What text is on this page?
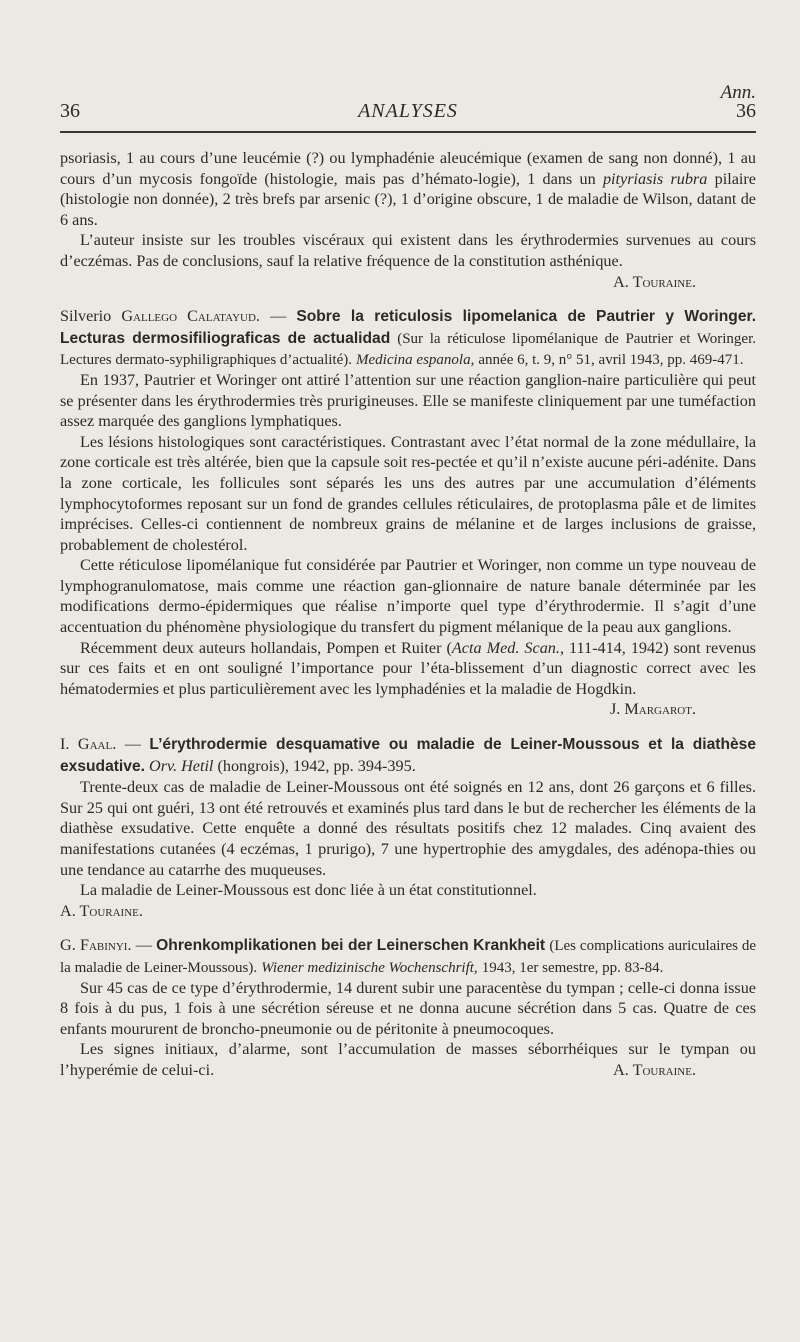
Ann.
36	ANALYSES	36

psoriasis, 1 au cours d’une leucémie (?) ou lymphadénie aleucémique (examen de sang non donné), 1 au cours d’un mycosis fongoïde (histologie, mais pas d’hémato-logie), 1 dans un pityriasis rubra pilaire (histologie non donnée), 2 très brefs par arsenic (?), 1 d’origine obscure, 1 de maladie de Wilson, datant de 6 ans.

L’auteur insiste sur les troubles viscéraux qui existent dans les érythrodermies survenues au cours d’eczémas. Pas de conclusions, sauf la relative fréquence de la constitution asthénique.
A. Touraine.

Silverio Gallego Calatayud. — Sobre la reticulosis lipomelanica de Pautrier y Woringer. Lecturas dermosifiliograficas de actualidad (Sur la réticulose lipomélanique de Pautrier et Woringer. Lectures dermato-syphiligraphiques d’actualité). Medicina espanola, année 6, t. 9, n° 51, avril 1943, pp. 469-471.

En 1937, Pautrier et Woringer ont attiré l’attention sur une réaction ganglion-naire particulière qui peut se présenter dans les érythrodermies très prurigineuses. Elle se manifeste cliniquement par une tuméfaction assez marquée des ganglions lymphatiques.

Les lésions histologiques sont caractéristiques. Contrastant avec l’état normal de la zone médullaire, la zone corticale est très altérée, bien que la capsule soit res-pectée et qu’il n’existe aucune péri-adénite. Dans la zone corticale, les follicules sont séparés les uns des autres par une accumulation d’éléments lymphocytoformes reposant sur un fond de grandes cellules réticulaires, de protoplasma pâle et de limites imprécises. Celles-ci contiennent de nombreux grains de mélanine et de larges inclusions de graisse, probablement de cholestérol.

Cette réticulose lipomélanique fut considérée par Pautrier et Woringer, non comme un type nouveau de lymphogranulomatose, mais comme une réaction gan-glionnaire de nature banale déterminée par les modifications dermo-épidermiques que réalise n’importe quel type d’érythrodermie. Il s’agit d’une accentuation du phénomène physiologique du transfert du pigment mélanique de la peau aux ganglions.

Récemment deux auteurs hollandais, Pompen et Ruiter (Acta Med. Scan., 111-414, 1942) sont revenus sur ces faits et en ont souligné l’importance pour l’éta-blissement d’un diagnostic correct avec les hématodermies et plus particulièrement avec les lymphadénies et la maladie de Hogdkin.
J. Margarot.

I. Gaal. — L’érythrodermie desquamative ou maladie de Leiner-Moussous et la diathèse exsudative. Orv. Hetil (hongrois), 1942, pp. 394-395.

Trente-deux cas de maladie de Leiner-Moussous ont été soignés en 12 ans, dont 26 garçons et 6 filles. Sur 25 qui ont guéri, 13 ont été retrouvés et examinés plus tard dans le but de rechercher les éléments de la diathèse exsudative. Cette enquête a donné des résultats positifs chez 12 malades. Cinq avaient des manifestations cutanées (4 eczémas, 1 prurigo), 7 une hypertrophie des amygdales, des adénopa-thies ou une tendance au catarrhe des muqueuses.

La maladie de Leiner-Moussous est donc liée à un état constitutionnel.

A. Touraine.

G. Fabinyi. — Ohrenkomplikationen bei der Leinerschen Krankheit (Les complications auriculaires de la maladie de Leiner-Moussous). Wiener medizinische Wochenschrift, 1943, 1er semestre, pp. 83-84.

Sur 45 cas de ce type d’érythrodermie, 14 durent subir une paracentèse du tympan ; celle-ci donna issue 8 fois à du pus, 1 fois à une sécrétion séreuse et ne donna aucune sécrétion dans 5 cas. Quatre de ces enfants moururent de broncho-pneumonie ou de péritonite à pneumocoques.

Les signes initiaux, d’alarme, sont l’accumulation de masses séborrhéiques sur le tympan ou l’hyperémie de celui-ci.	A. Touraine.
